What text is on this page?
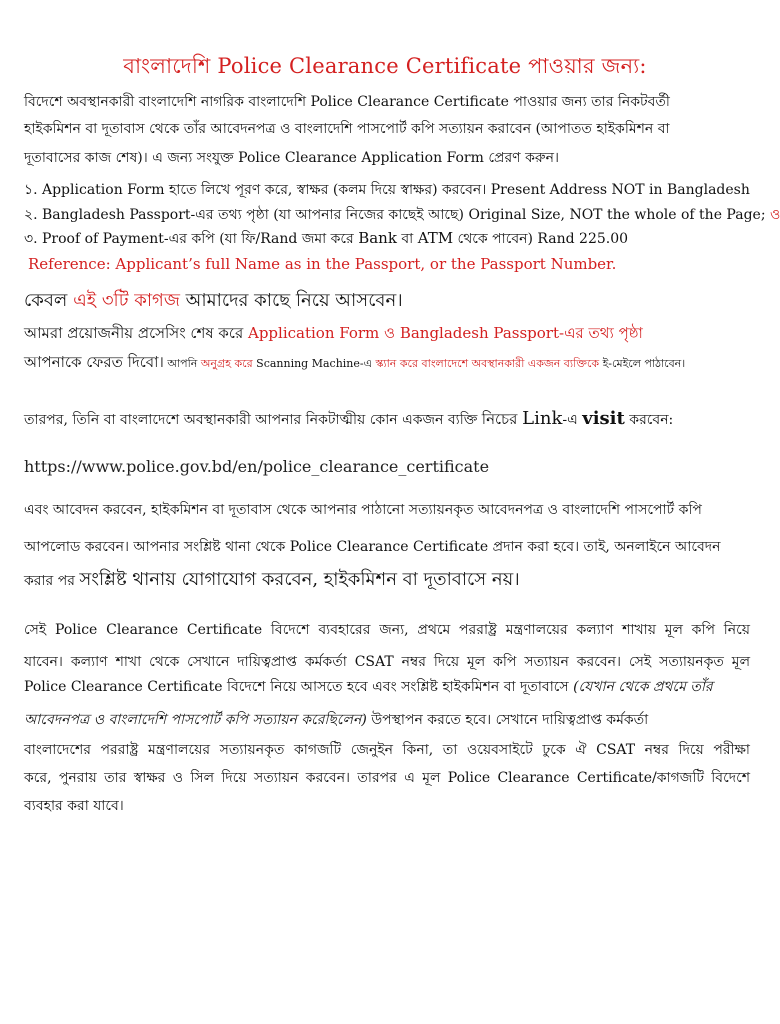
বাংলাদেশি Police Clearance Certificate পাওয়ার জন্য:
বিদেশে অবস্থানকারী বাংলাদেশি নাগরিক বাংলাদেশি Police Clearance Certificate পাওয়ার জন্য তার নিকটবর্তী
হাইকমিশন বা দূতাবাস থেকে তাঁর আবেদনপত্র ও বাংলাদেশি পাসপোর্ট কপি সত্যায়ন করাবেন (আপাতত হাইকমিশন বা
দূতাবাসের কাজ শেষ)। এ জন্য সংযুক্ত Police Clearance Application Form প্রেরণ করুন।
১. Application Form হাতে লিখে পূরণ করে, স্বাক্ষর (কলম দিয়ে স্বাক্ষর) করবেন। Present Address NOT in Bangladesh
২. Bangladesh Passport-এর তথ্য পৃষ্ঠা (যা আপনার নিজের কাছেই আছে) Original Size, NOT the whole of the Page; ও
৩. Proof of Payment-এর কপি (যা ফি/Rand জমা করে Bank বা ATM থেকে পাবেন) Rand 225.00
Reference: Applicant’s full Name as in the Passport, or the Passport Number.
কেবল এই ৩টি কাগজ আমাদের কাছে নিয়ে আসবেন।
আমরা প্রয়োজনীয় প্রসেসিং শেষ করে Application Form ও Bangladesh Passport-এর তথ্য পৃষ্ঠা
আপনাকে ফেরত দিবো। আপনি অনুগ্রহ করে Scanning Machine-এ স্ক্যান করে বাংলাদেশে অবস্থানকারী একজন ব্যক্তিকে ই-মেইলে পাঠাবেন।
তারপর, তিনি বা বাংলাদেশে অবস্থানকারী আপনার নিকটাত্মীয় কোন একজন ব্যক্তি নিচের Link-এ visit করবেন:
https://www.police.gov.bd/en/police_clearance_certificate
এবং আবেদন করবেন, হাইকমিশন বা দূতাবাস থেকে আপনার পাঠানো সত্যায়নকৃত আবেদনপত্র ও বাংলাদেশি পাসপোর্ট কপি
আপলোড করবেন। আপনার সংশ্লিষ্ট থানা থেকে Police Clearance Certificate প্রদান করা হবে। তাই, অনলাইনে আবেদন
করার পর সংশ্লিষ্ট থানায় যোগাযোগ করবেন, হাইকমিশন বা দূতাবাসে নয়।
সেই Police Clearance Certificate বিদেশে ব্যবহারের জন্য, প্রথমে পররাষ্ট্র মন্ত্রণালয়ের কল্যাণ শাখায় মূল কপি নিয়ে
যাবেন। কল্যাণ শাখা থেকে সেখানে দায়িত্বপ্রাপ্ত কর্মকর্তা CSAT নম্বর দিয়ে মূল কপি সত্যায়ন করবেন। সেই সত্যায়নকৃত মূল
Police Clearance Certificate বিদেশে নিয়ে আসতে হবে এবং সংশ্লিষ্ট হাইকমিশন বা দূতাবাসে (যেখান থেকে প্রথমে তাঁর
আবেদনপত্র ও বাংলাদেশি পাসপোর্ট কপি সত্যায়ন করেছিলেন) উপস্থাপন করতে হবে। সেখানে দায়িত্বপ্রাপ্ত কর্মকর্তা
বাংলাদেশের পররাষ্ট্র মন্ত্রণালয়ের সত্যায়নকৃত কাগজটি জেনুইন কিনা, তা ওয়েবসাইটে ঢুকে ঐ CSAT নম্বর দিয়ে পরীক্ষা
করে, পুনরায় তার স্বাক্ষর ও সিল দিয়ে সত্যায়ন করবেন। তারপর এ মূল Police Clearance Certificate/কাগজটি বিদেশে
ব্যবহার করা যাবে।
